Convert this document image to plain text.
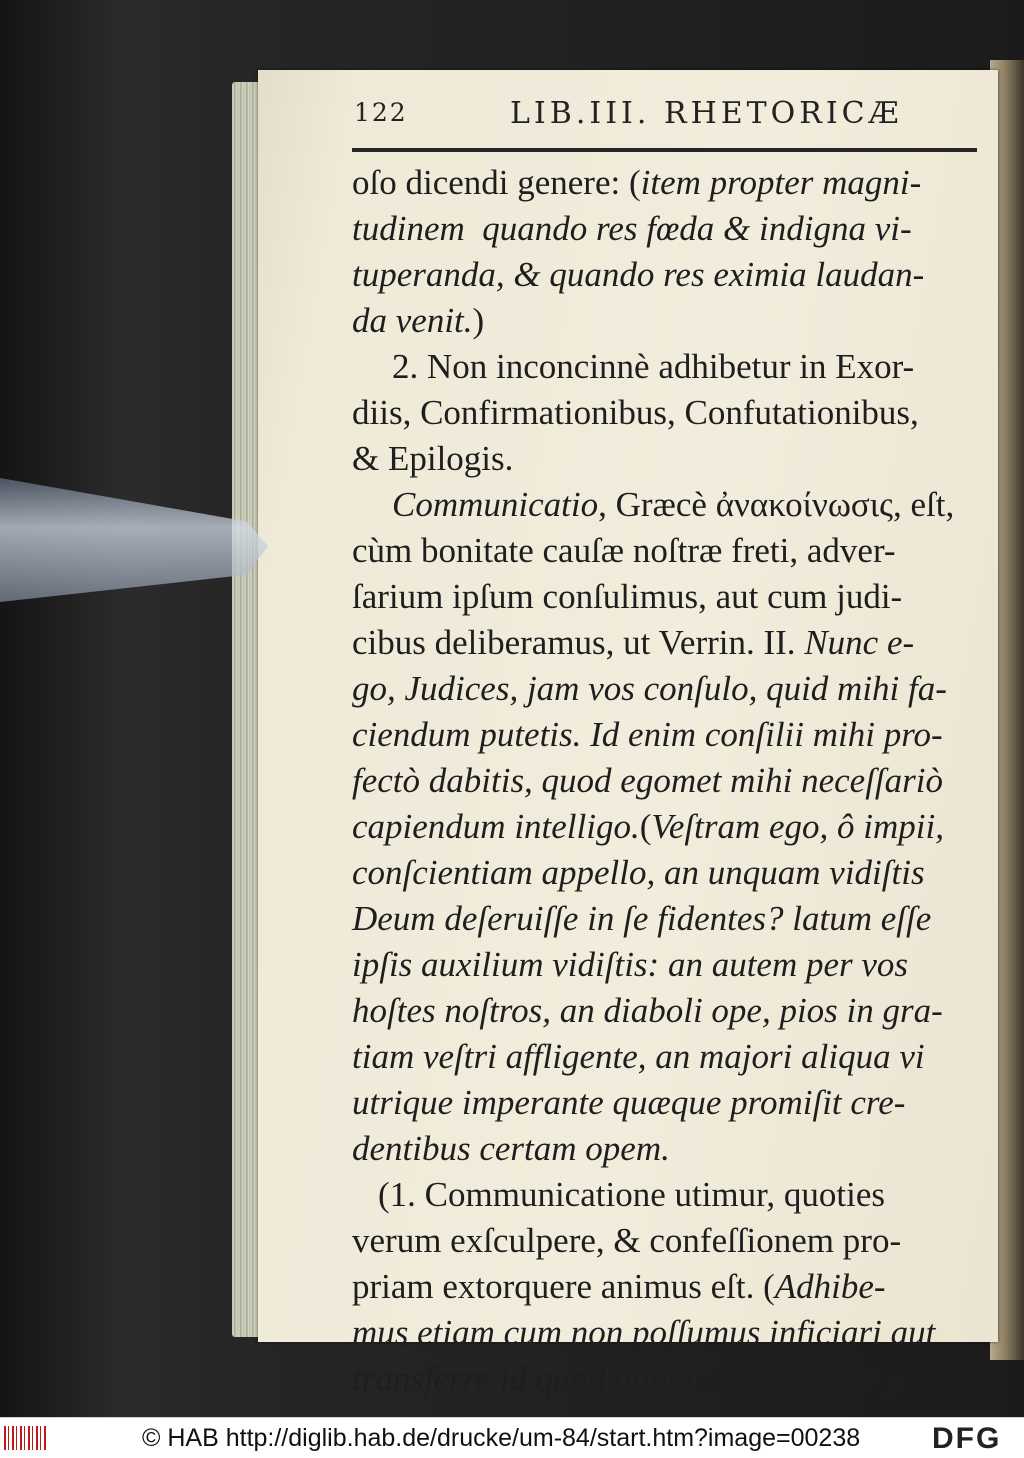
122	LIB.III. RHETORICÆ
oſo dicendi genere: (item propter magni-
tudinem  quando res fœda & indigna vi-
tuperanda, & quando res eximia laudan-
da venit.)
2. Non inconcinnè adhibetur in Exor-
diis, Confirmationibus, Confutationibus,
& Epilogis.
Communicatio, Græcè ἀνακοίνωσις, eſt,
cùm bonitate cauſæ noſtræ freti, adver-
ſarium ipſum conſulimus, aut cum judi-
cibus deliberamus, ut Verrin. II. Nunc e-
go, Judices, jam vos conſulo, quid mihi fa-
ciendum putetis. Id enim conſilii mihi pro-
fectò dabitis, quod egomet mihi neceſſariò
capiendum intelligo.(Veſtram ego, ô impii,
conſcientiam appello, an unquam vidiſtis
Deum deſeruiſſe in ſe fidentes? latum eſſe
ipſis auxilium vidiſtis: an autem per vos
hoſtes noſtros, an diaboli ope, pios in gra-
tiam veſtri affligente, an majori aliqua vi
utrique imperante quæque promiſit cre-
dentibus certam opem.
(1. Communicatione utimur, quoties
verum exſculpere, & confeſſionem pro-
priam extorquere animus eſt. (Adhibe-
mus etiam cum non poſſumus inficiari aut
transferre id quod objicitur: quare ne gra-
© HAB http://diglib.hab.de/drucke/um-84/start.htm?image=00238 DFG
